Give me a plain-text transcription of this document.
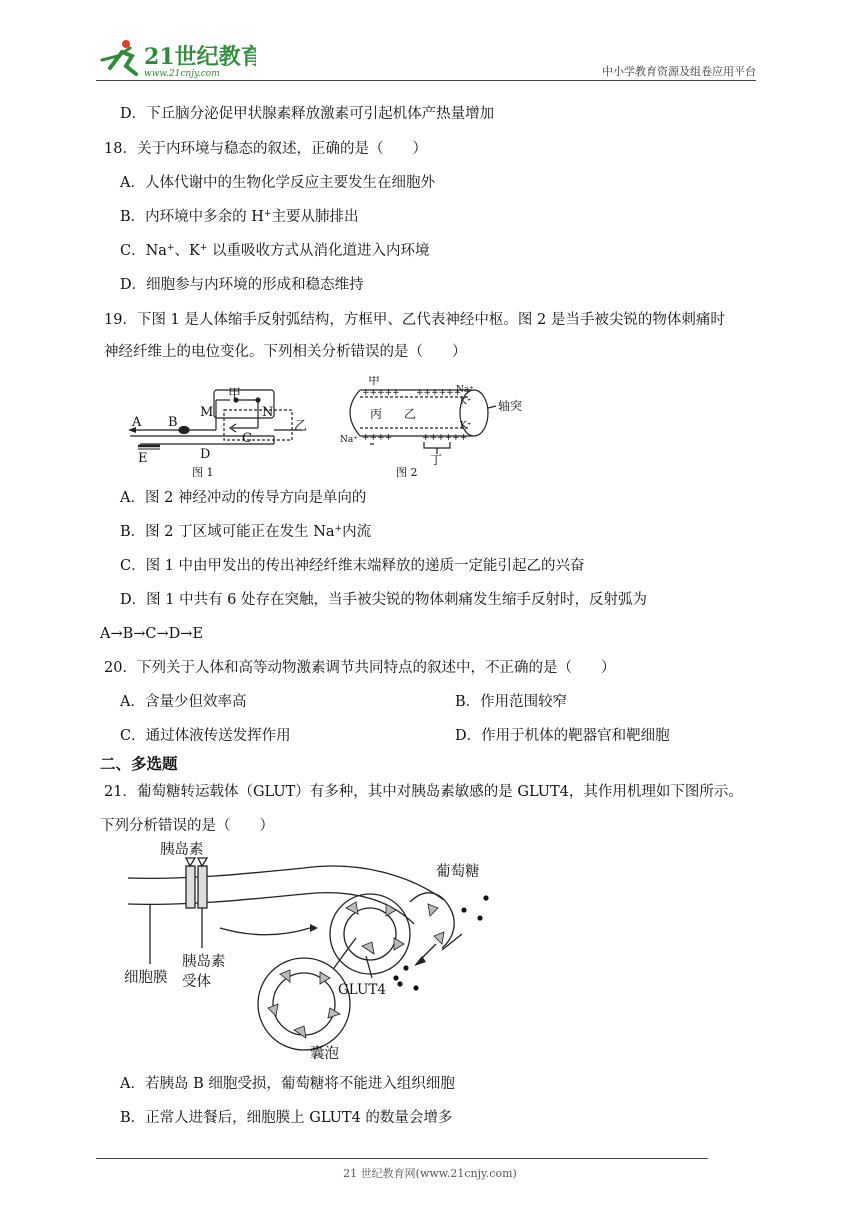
21世纪教育
www.21cnjy.com	中小学教育资源及组卷应用平台
D．下丘脑分泌促甲状腺素释放激素可引起机体产热量增加
18．关于内环境与稳态的叙述，正确的是（　　）
A．人体代谢中的生物化学反应主要发生在细胞外
B．内环境中多余的 H+主要从肺排出
C．Na+、K+ 以重吸收方式从消化道进入内环境
D．细胞参与内环境的形成和稳态维持
19．下图 1 是人体缩手反射弧结构，方框甲、乙代表神经中枢。图 2 是当手被尖锐的物体刺痛时
神经纤维上的电位变化。下列相关分析错误的是（　　）
A B
M	N
甲
乙
C
D
E
图 1
甲
+++++ ++++++
Na⁺
K⁺
丙 乙
K⁺
Na⁺ ++++	++++++
轴突
丁
图 2
A．图 2 神经冲动的传导方向是单向的
B．图 2 丁区域可能正在发生 Na+内流
C．图 1 中由甲发出的传出神经纤维末端释放的递质一定能引起乙的兴奋
D．图 1 中共有 6 处存在突触，当手被尖锐的物体刺痛发生缩手反射时，反射弧为
A→B→C→D→E
20．下列关于人体和高等动物激素调节共同特点的叙述中，不正确的是（　　）
A．含量少但效率高	B．作用范围较窄
C．通过体液传送发挥作用	D．作用于机体的靶器官和靶细胞
二、多选题
21．葡萄糖转运载体（GLUT）有多种，其中对胰岛素敏感的是 GLUT4，其作用机理如下图所示。
下列分析错误的是（　　）
胰岛素
葡萄糖
细胞膜
胰岛素
受体	GLUT4
囊泡
A．若胰岛 B 细胞受损，葡萄糖将不能进入组织细胞
B．正常人进餐后，细胞膜上 GLUT4 的数量会增多
21 世纪教育网(www.21cnjy.com)
